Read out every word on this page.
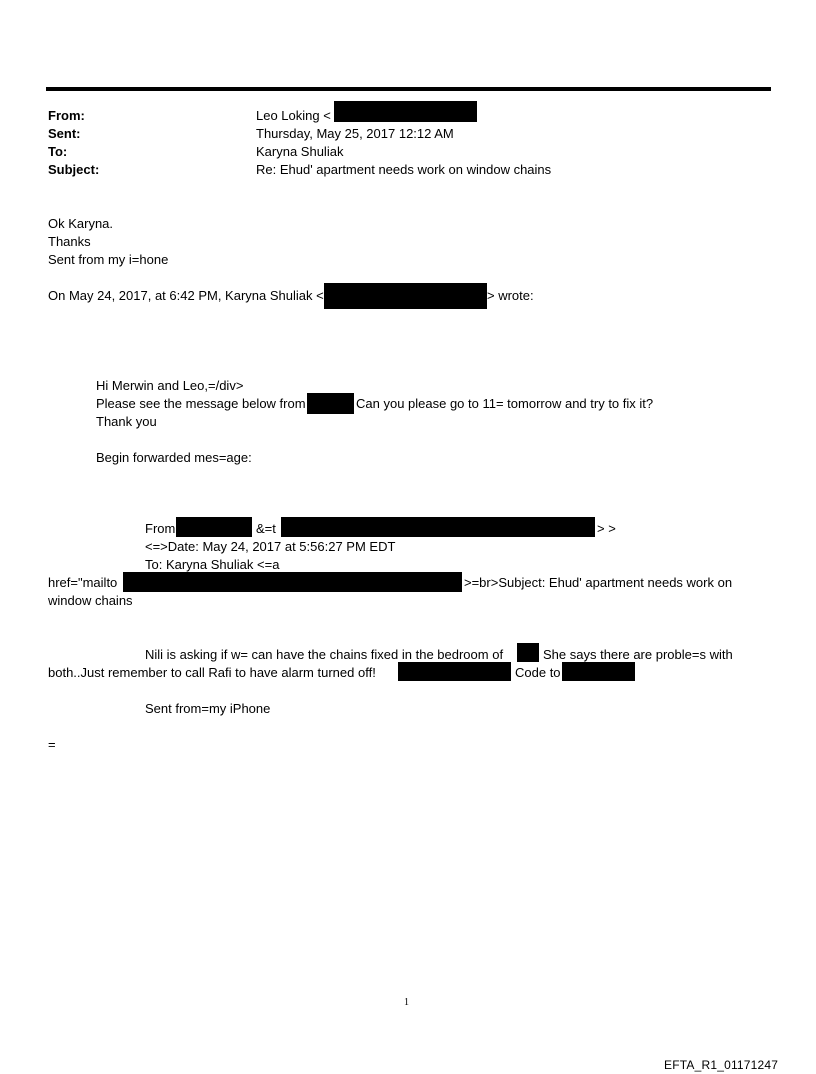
From:	Leo Loking <
Sent:	Thursday, May 25, 2017 12:12 AM
To:	Karyna Shuliak
Subject:	Re: Ehud' apartment needs work on window chains
Ok Karyna.
Thanks
Sent from my i=hone
On May 24, 2017, at 6:42 PM, Karyna Shuliak <	> wrote:
Hi Merwin and Leo,=/div>
Please see the message below from	Can you please go to 11= tomorrow and try to fix it?
Thank you
Begin forwarded mes=age:
From	&=t	> >
<=>Date: May 24, 2017 at 5:56:27 PM EDT
To: Karyna Shuliak <=a
href="mailto	>=br>Subject: Ehud' apartment needs work on
window chains
Nili is asking if w= can have the chains fixed in the bedroom of	She says there are proble=s with
both..Just remember to call Rafi to have alarm turned off!	Code to
Sent from=my iPhone
=
1
EFTA_R1_01171247
